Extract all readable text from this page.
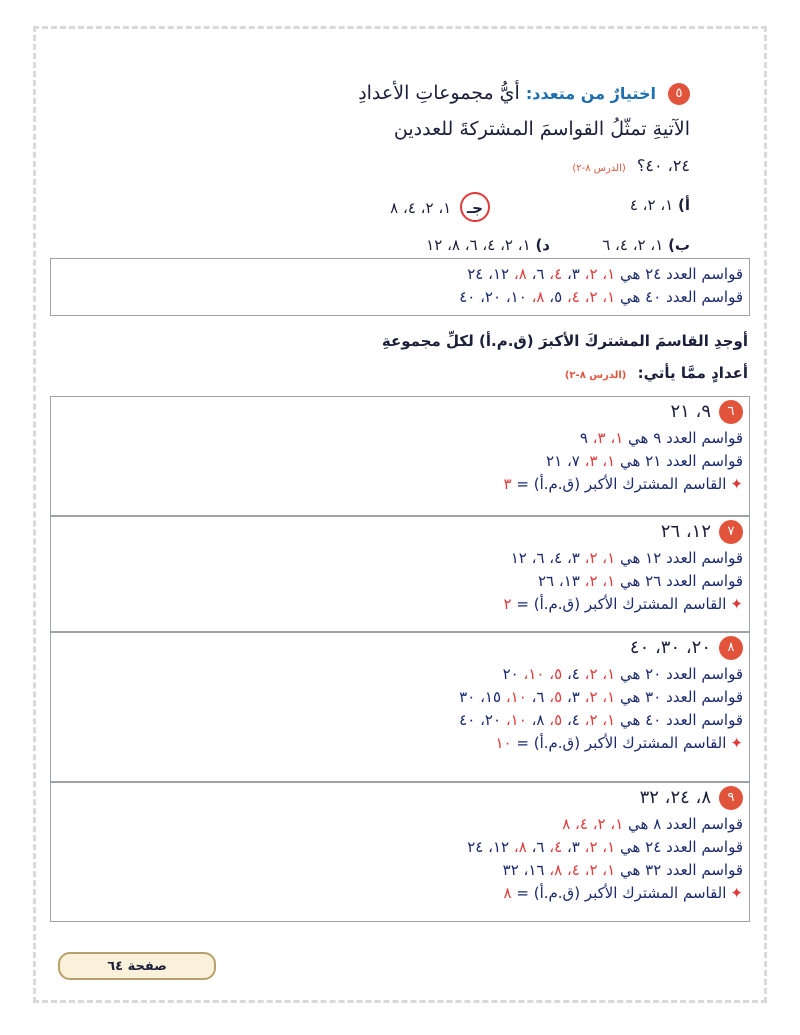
٥ اختيارٌ من متعدد: أيُّ مجموعاتِ الأعدادِ
الآتيةِ تمثّلُ القواسمَ المشتركةَ للعددين
٢٤، ٤٠؟ (الدرس ٨-٢)
أ) ١، ٢، ٤
جـ ١، ٢، ٤، ٨
ب) ١، ٢، ٤، ٦
د) ١، ٢، ٤، ٦، ٨، ١٢
قواسم العدد ٢٤ هي ١، ٢، ٣، ٤، ٦، ٨، ١٢، ٢٤
قواسم العدد ٤٠ هي ١، ٢، ٤، ٥، ٨، ١٠، ٢٠، ٤٠
أوجدِ القاسمَ المشتركَ الأكبرَ (ق.م.أ) لكلِّ مجموعةِ
أعدادٍ ممَّا يأتي: (الدرس ٨-٢)
٦٩، ٢١
قواسم العدد ٩ هي ١، ٣، ٩
قواسم العدد ٢١ هي ١، ٣، ٧، ٢١
✦القاسم المشترك الأكبر (ق.م.أ) = ٣
٧١٢، ٢٦
قواسم العدد ١٢ هي ١، ٢، ٣، ٤، ٦، ١٢
قواسم العدد ٢٦ هي ١، ٢، ١٣، ٢٦
✦القاسم المشترك الأكبر (ق.م.أ) = ٢
٨٢٠، ٣٠، ٤٠
قواسم العدد ٢٠ هي ١، ٢، ٤، ٥، ١٠، ٢٠
قواسم العدد ٣٠ هي ١، ٢، ٣، ٥، ٦، ١٠، ١٥، ٣٠
قواسم العدد ٤٠ هي ١، ٢، ٤، ٥، ٨، ١٠، ٢٠، ٤٠
✦القاسم المشترك الأكبر (ق.م.أ) = ١٠
٩٨، ٢٤، ٣٢
قواسم العدد ٨ هي ١، ٢، ٤، ٨
قواسم العدد ٢٤ هي ١، ٢، ٣، ٤، ٦، ٨، ١٢، ٢٤
قواسم العدد ٣٢ هي ١، ٢، ٤، ٨، ١٦، ٣٢
✦القاسم المشترك الأكبر (ق.م.أ) = ٨
صفحة ٦٤
